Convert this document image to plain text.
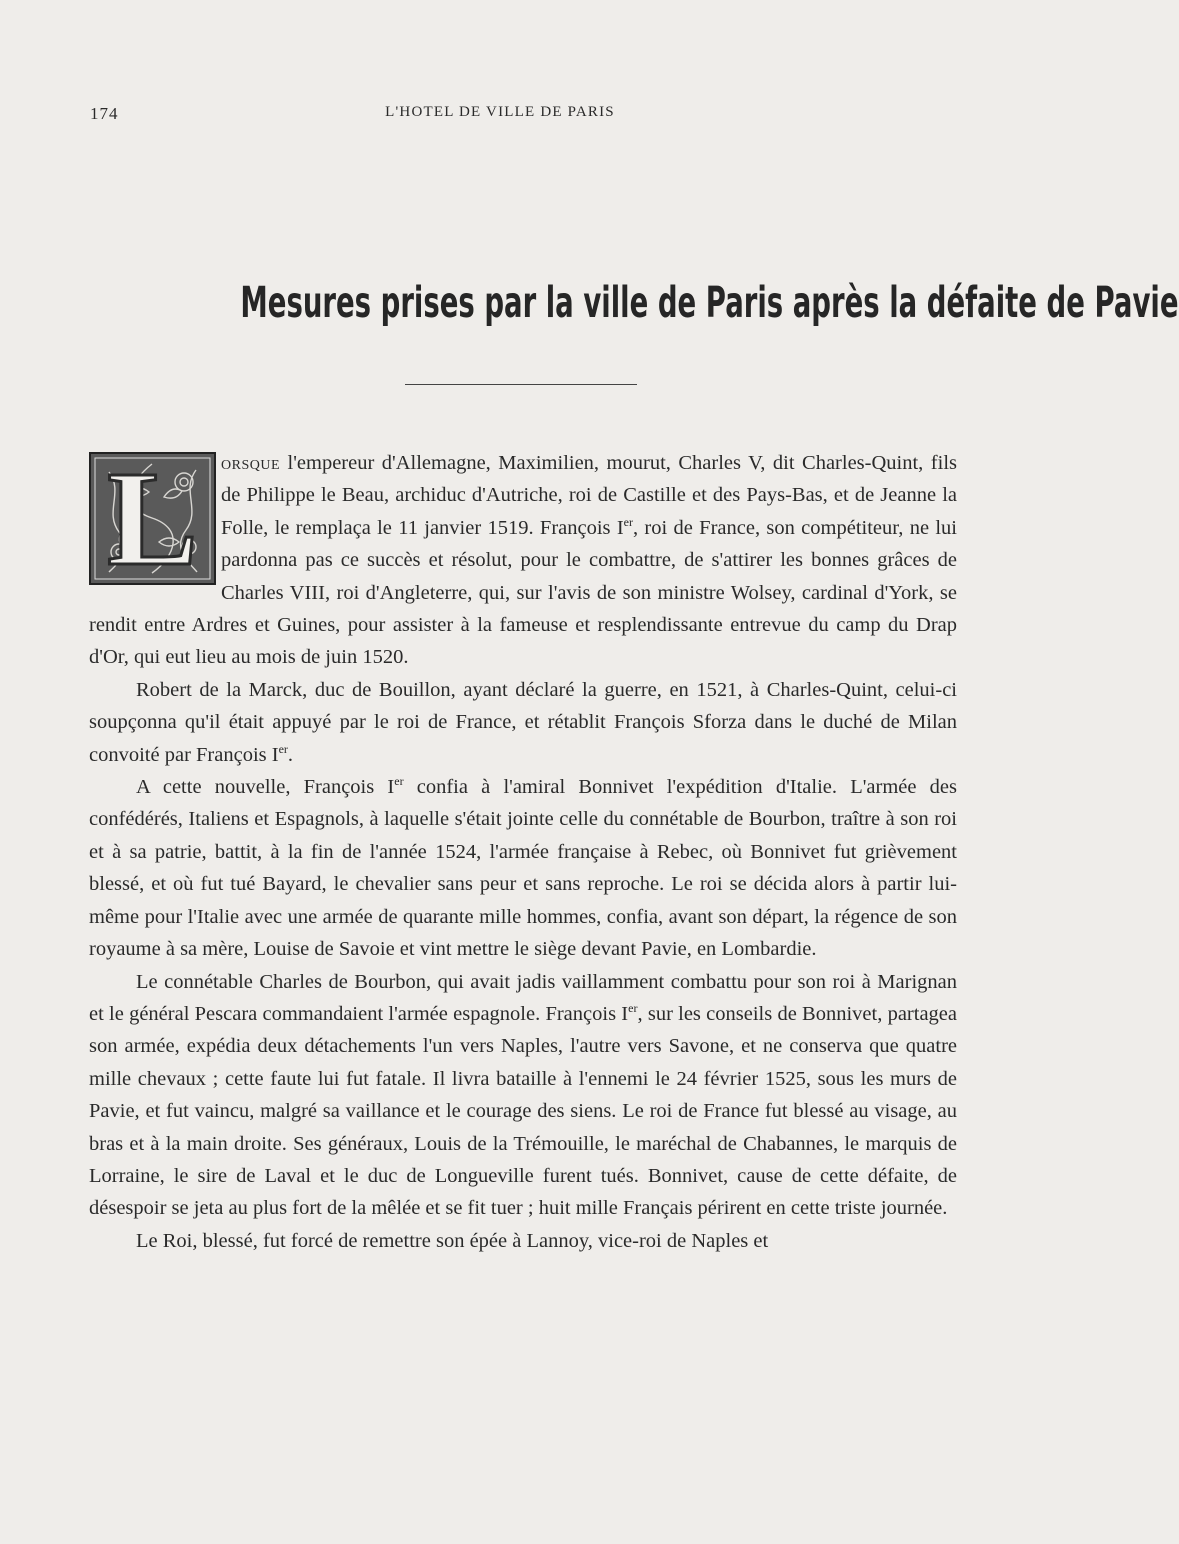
174	L'HOTEL DE VILLE DE PARIS
Mesures prises par la ville de Paris après la défaite de Pavie

L	orsque l'empereur d'Allemagne, Maximilien, mourut, Charles V, dit Charles-Quint, fils de Philippe le Beau, archiduc d'Autriche, roi de Castille et des Pays-Bas, et de Jeanne la Folle, le remplaça le 11 janvier 1519. François Ier, roi de France, son compétiteur, ne lui pardonna pas ce succès et résolut, pour le combattre, de s'attirer les bonnes grâces de Charles VIII, roi d'Angleterre, qui, sur l'avis de son ministre Wolsey, cardinal d'York, se rendit entre Ardres et Guines, pour assister à la fameuse et resplendissante entrevue du camp du Drap d'Or, qui eut lieu au mois de juin 1520.

Robert de la Marck, duc de Bouillon, ayant déclaré la guerre, en 1521, à Charles-Quint, celui-ci soupçonna qu'il était appuyé par le roi de France, et rétablit François Sforza dans le duché de Milan convoité par François Ier.

A cette nouvelle, François Ier confia à l'amiral Bonnivet l'expédition d'Italie. L'armée des confédérés, Italiens et Espagnols, à laquelle s'était jointe celle du connétable de Bourbon, traître à son roi et à sa patrie, battit, à la fin de l'année 1524, l'armée française à Rebec, où Bonnivet fut grièvement blessé, et où fut tué Bayard, le chevalier sans peur et sans reproche. Le roi se décida alors à partir lui-même pour l'Italie avec une armée de quarante mille hommes, confia, avant son départ, la régence de son royaume à sa mère, Louise de Savoie et vint mettre le siège devant Pavie, en Lombardie.

Le connétable Charles de Bourbon, qui avait jadis vaillamment combattu pour son roi à Marignan et le général Pescara commandaient l'armée espagnole. François Ier, sur les conseils de Bonnivet, partagea son armée, expédia deux détachements l'un vers Naples, l'autre vers Savone, et ne conserva que quatre mille chevaux ; cette faute lui fut fatale. Il livra bataille à l'ennemi le 24 février 1525, sous les murs de Pavie, et fut vaincu, malgré sa vaillance et le courage des siens. Le roi de France fut blessé au visage, au bras et à la main droite. Ses généraux, Louis de la Trémouille, le maréchal de Chabannes, le marquis de Lorraine, le sire de Laval et le duc de Longueville furent tués. Bonnivet, cause de cette défaite, de désespoir se jeta au plus fort de la mêlée et se fit tuer ; huit mille Français périrent en cette triste journée.

Le Roi, blessé, fut forcé de remettre son épée à Lannoy, vice-roi de Naples et
